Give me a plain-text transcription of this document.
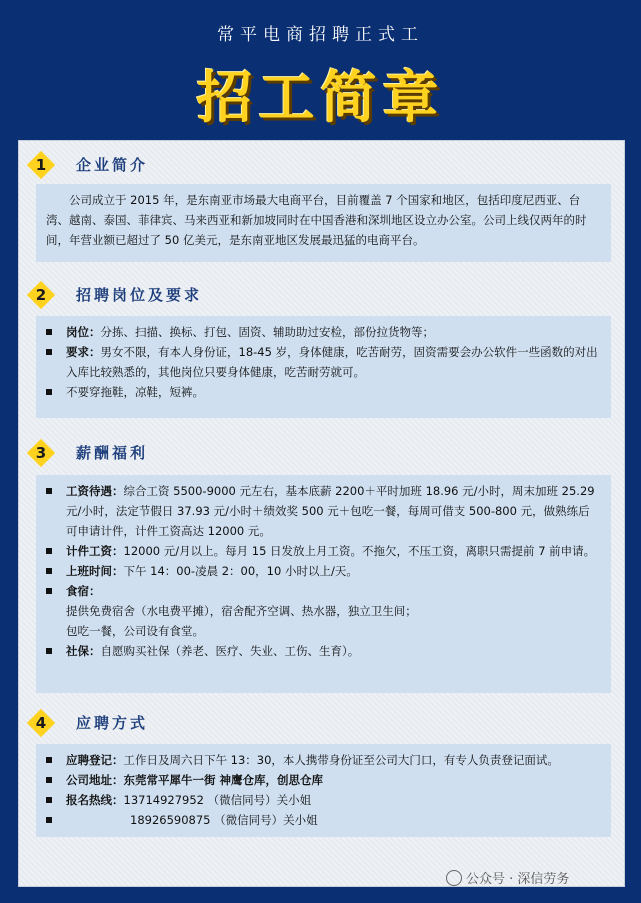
常平电商招聘正式工
招工简章
1	企业简介

公司成立于 2015 年，是东南亚市场最大电商平台，目前覆盖 7 个国家和地区，包括印度尼西亚、台湾、越南、泰国、菲律宾、马来西亚和新加坡同时在中国香港和深圳地区设立办公室。公司上线仅两年的时间，年营业额已超过了 50 亿美元，是东南亚地区发展最迅猛的电商平台。

2	招聘岗位及要求
岗位：分拣、扫描、换标、打包、固资、辅助助过安检，部份拉货物等；
要求：男女不限，有本人身份证，18-45 岁，身体健康，吃苦耐劳，固资需要会办公软件一些函数的对出入库比较熟悉的，其他岗位只要身体健康，吃苦耐劳就可。
不要穿拖鞋，凉鞋，短裤。
3	薪酬福利
工资待遇：综合工资 5500-9000 元左右，基本底薪 2200＋平时加班 18.96 元/小时，周末加班 25.29 元/小时，法定节假日 37.93 元/小时＋绩效奖 500 元＋包吃一餐，每周可借支 500-800 元，做熟练后可申请计件，计件工资高达 12000 元。
计件工资：12000 元/月以上。每月 15 日发放上月工资。不拖欠，不压工资，离职只需提前 7 前申请。
上班时间：下午 14：00-凌晨 2：00，10 小时以上/天。
食宿：
提供免费宿舍（水电费平摊），宿舍配齐空调、热水器，独立卫生间；
包吃一餐，公司设有食堂。
社保：自愿购买社保（养老、医疗、失业、工伤、生育）。
4	应聘方式
应聘登记：工作日及周六日下午 13：30，本人携带身份证至公司大门口，有专人负责登记面试。
公司地址：东莞常平犀牛一街 神鹰仓库，创思仓库
报名热线：13714927952 （微信同号）关小姐
18926590875 （微信同号）关小姐
公众号 · 深信劳务
